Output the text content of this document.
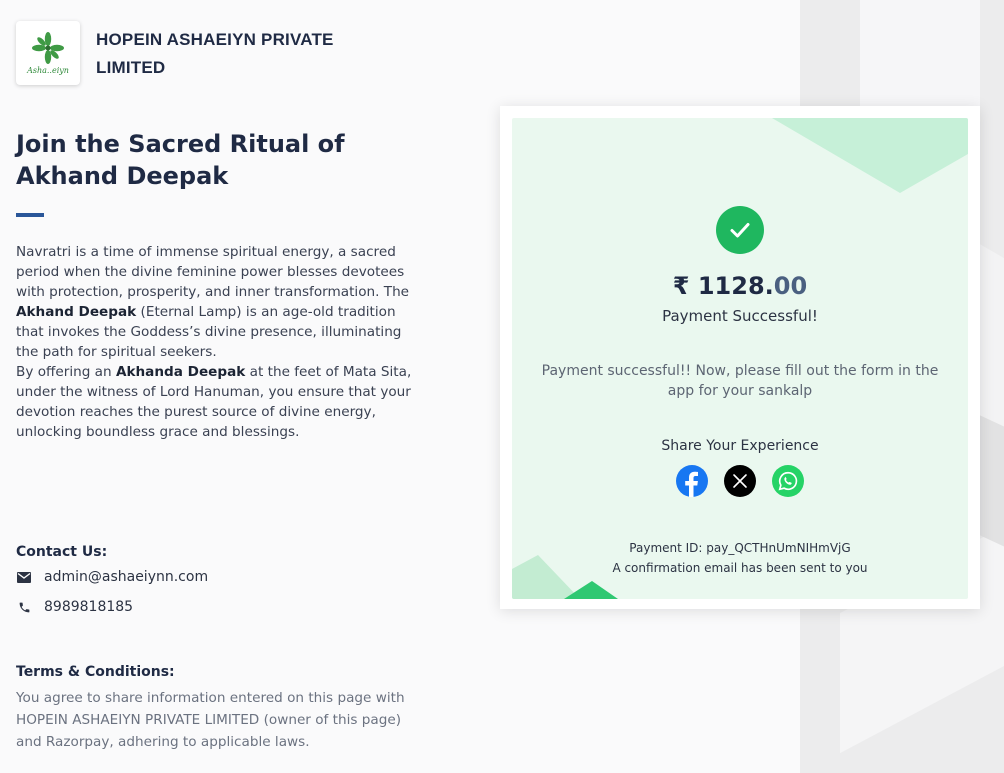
Asha..eiyn
HOPEIN ASHAEIYN PRIVATE LIMITED
Join the Sacred Ritual of Akhand Deepak
Navratri is a time of immense spiritual energy, a sacred period when the divine feminine power blesses devotees with protection, prosperity, and inner transformation. The Akhand Deepak (Eternal Lamp) is an age-old tradition that invokes the Goddess’s divine presence, illuminating the path for spiritual seekers.
By offering an Akhanda Deepak at the feet of Mata Sita, under the witness of Lord Hanuman, you ensure that your devotion reaches the purest source of divine energy, unlocking boundless grace and blessings.
Contact Us:
admin@ashaeiynn.com
8989818185
Terms & Conditions:
You agree to share information entered on this page with HOPEIN ASHAEIYN PRIVATE LIMITED (owner of this page) and Razorpay, adhering to applicable laws.
₹ 1128.00
Payment Successful!
Payment successful!! Now, please fill out the form in the app for your sankalp
Share Your Experience
Payment ID: pay_QCTHnUmNIHmVjG
A confirmation email has been sent to you
